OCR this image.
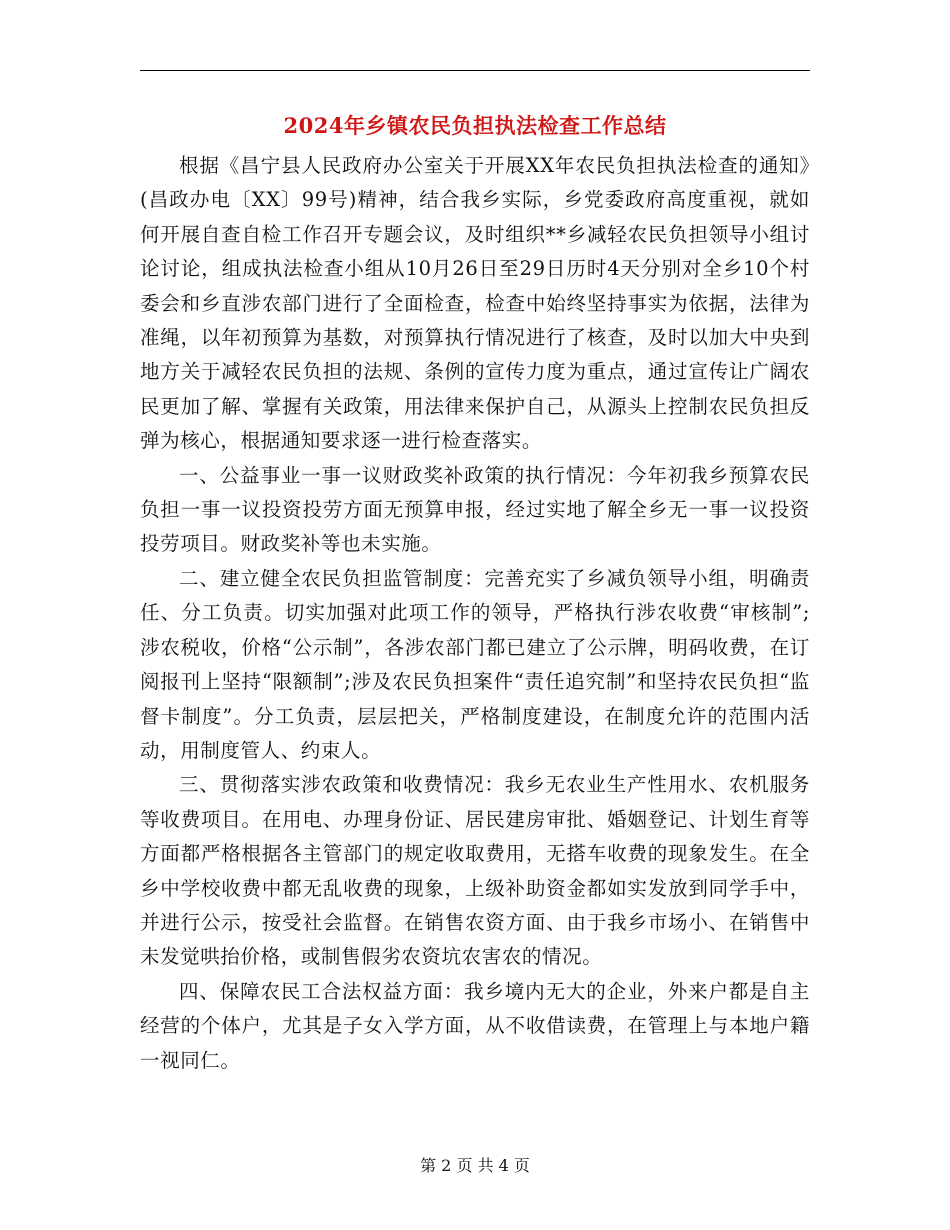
2024年乡镇农民负担执法检查工作总结

根据《昌宁县人民政府办公室关于开展XX年农民负担执法检查的通知》(昌政办电〔XX〕99号)精神，结合我乡实际，乡党委政府高度重视，就如何开展自查自检工作召开专题会议，及时组织**乡减轻农民负担领导小组讨论讨论，组成执法检查小组从10月26日至29日历时4天分别对全乡10个村委会和乡直涉农部门进行了全面检查，检查中始终坚持事实为依据，法律为准绳，以年初预算为基数，对预算执行情况进行了核查，及时以加大中央到地方关于减轻农民负担的法规、条例的宣传力度为重点，通过宣传让广阔农民更加了解、掌握有关政策，用法律来保护自己，从源头上控制农民负担反弹为核心，根据通知要求逐一进行检查落实。

一、公益事业一事一议财政奖补政策的执行情况：今年初我乡预算农民负担一事一议投资投劳方面无预算申报，经过实地了解全乡无一事一议投资投劳项目。财政奖补等也未实施。

二、建立健全农民负担监管制度：完善充实了乡减负领导小组，明确责任、分工负责。切实加强对此项工作的领导，严格执行涉农收费“审核制”;涉农税收，价格“公示制”，各涉农部门都已建立了公示牌，明码收费，在订阅报刊上坚持“限额制”;涉及农民负担案件“责任追究制”和坚持农民负担“监督卡制度”。分工负责，层层把关，严格制度建设，在制度允许的范围内活动，用制度管人、约束人。

三、贯彻落实涉农政策和收费情况：我乡无农业生产性用水、农机服务等收费项目。在用电、办理身份证、居民建房审批、婚姻登记、计划生育等方面都严格根据各主管部门的规定收取费用，无搭车收费的现象发生。在全乡中学校收费中都无乱收费的现象，上级补助资金都如实发放到同学手中，并进行公示，按受社会监督。在销售农资方面、由于我乡市场小、在销售中未发觉哄抬价格，或制售假劣农资坑农害农的情况。

四、保障农民工合法权益方面：我乡境内无大的企业，外来户都是自主经营的个体户，尤其是子女入学方面，从不收借读费，在管理上与本地户籍一视同仁。

第 2 页 共 4 页
